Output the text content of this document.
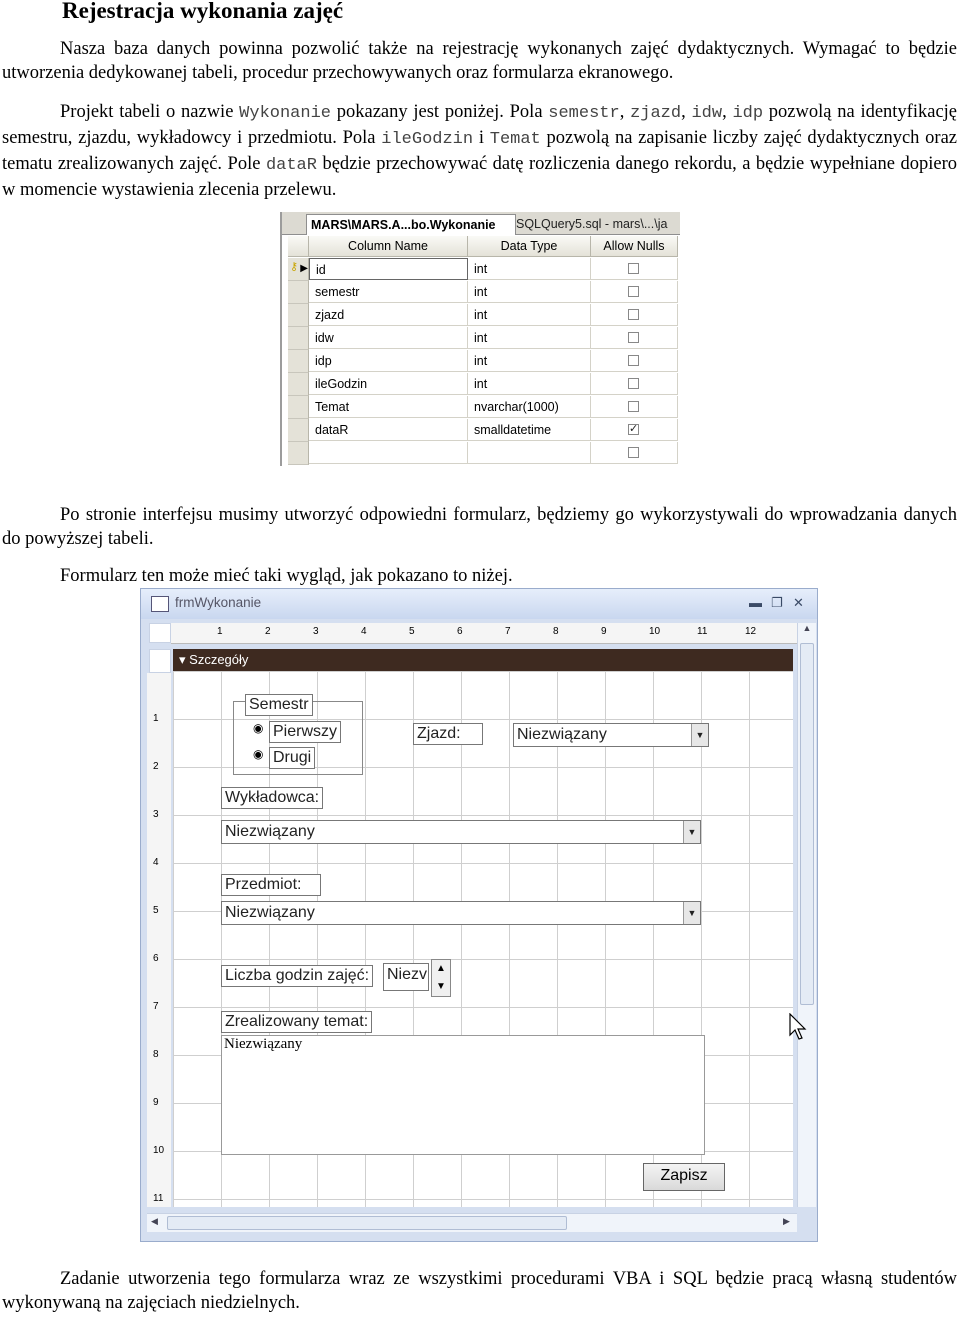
Rejestracja wykonania zajęć
Nasza baza danych powinna pozwolić także na rejestrację wykonanych zajęć dydaktycznych. Wymagać to będzie utworzenia dedykowanej tabeli, procedur przechowywanych oraz formularza ekranowego.
Projekt tabeli o nazwie Wykonanie pokazany jest poniżej. Pola semestr, zjazd, idw, idp pozwolą na identyfikację semestru, zjazdu, wykładowcy i przedmiotu. Pola ileGodzin i Temat pozwolą na zapisanie liczby zajęć dydaktycznych oraz tematu zrealizowanych zajęć. Pole dataR będzie przechowywać datę rozliczenia danego rekordu, a będzie wypełniane dopiero w momencie wystawienia zlecenia przelewu.
MARS\MARS.A...bo.Wykonanie	SQLQuery5.sql - mars\...\ja
Column Name	Data Type	Allow Nulls
▶ id	int
semestr	int
zjazd	int
idw	int
idp	int
ileGodzin	int
Temat	nvarchar(1000)
dataR	smalldatetime	✓
⚷
Po stronie interfejsu musimy utworzyć odpowiedni formularz, będziemy go wykorzystywali do wprowadzania danych do powyższej tabeli.
Formularz ten może mieć taki wygląd, jak pokazano to niżej.
frmWykonanie	▬ ❐ ✕
1	2	3	4	5	6	7	8	9	10	11	12
▾ Szczegóły
1
2
3
4
5
6
7
8
9
10
11
Semestr
◉ Pierwszy
◉ Drugi
Zjazd:	Niezwiązany	▼
Wykładowca:
Niezwiązany	▼
Przedmiot:
Niezwiązany	▼
Liczba godzin zajęć: Niezv ▲
▼
Zrealizowany temat:
Niezwiązany
Zapisz
▲
◀	▶
Zadanie utworzenia tego formularza wraz ze wszystkimi procedurami VBA i SQL będzie pracą własną studentów wykonywaną na zajęciach niedzielnych.
